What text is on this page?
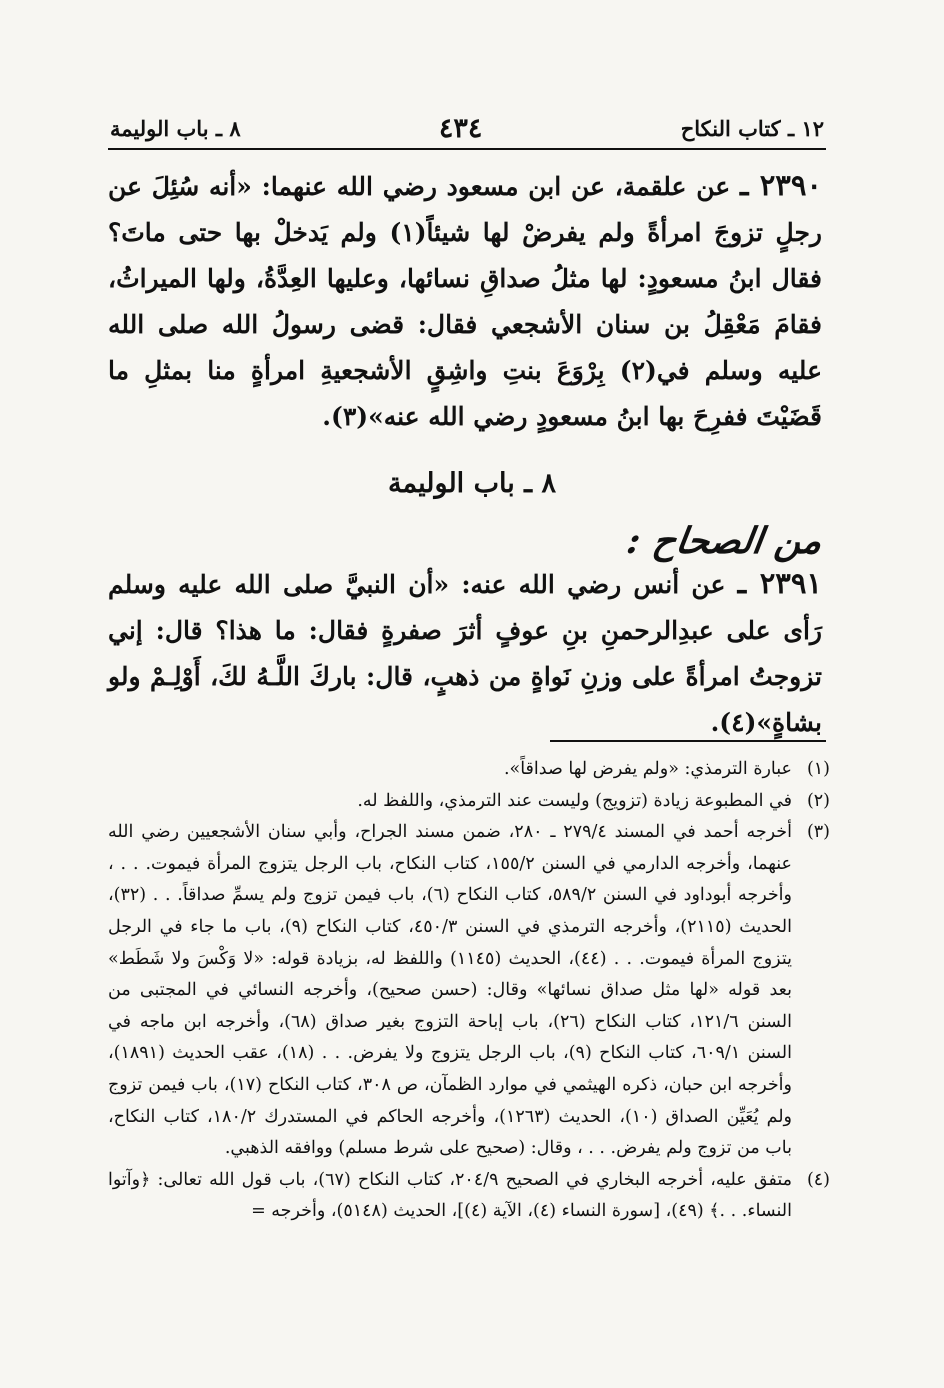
١٢ ـ كتاب النكاح
٤٣٤
٨ ـ باب الوليمة
٢٣٩٠ ـ عن علقمة، عن ابن مسعود رضي الله عنهما: «أنه سُئِلَ عن رجلٍ تزوجَ امرأةً ولم يفرضْ لها شيئاً(١) ولم يَدخلْ بها حتى ماتَ؟ فقال ابنُ مسعودٍ: لها مثلُ صداقِ نسائها، وعليها العِدَّةُ، ولها الميراثُ، فقامَ مَعْقِلُ بن سنان الأشجعي فقال: قضى رسولُ الله صلى الله عليه وسلم في(٢) بِرْوَعَ بنتِ واشِقٍ الأشجعيةِ امرأةٍ منا بمثلِ ما قَضَيْتَ ففرِحَ بها ابنُ مسعودٍ رضي الله عنه»(٣).
٨ ـ باب الوليمة
من الصحاح :
٢٣٩١ ـ عن أنس رضي الله عنه: «أن النبيَّ صلى الله عليه وسلم رَأى على عبدِالرحمنِ بنِ عوفٍ أثرَ صفرةٍ فقال: ما هذا؟ قال: إني تزوجتُ امرأةً على وزنِ نَواةٍ من ذهبٍ، قال: باركَ اللَّـهُ لكَ، أَوْلِـمْ ولو بشاةٍ»(٤).

(١)
عبارة الترمذي: «ولم يفرض لها صداقاً».

(٢)
في المطبوعة زيادة (تزويج) وليست عند الترمذي، واللفظ له.

(٣)
أخرجه أحمد في المسند ٢٧٩/٤ ـ ٢٨٠، ضمن مسند الجراح، وأبي سنان الأشجعيين رضي الله عنهما، وأخرجه الدارمي في السنن ١٥٥/٢، كتاب النكاح، باب الرجل يتزوج المرأة فيموت. . . ، وأخرجه أبوداود في السنن ٥٨٩/٢، كتاب النكاح (٦)، باب فيمن تزوج ولم يسمِّ صداقاً. . . (٣٢)، الحديث (٢١١٥)، وأخرجه الترمذي في السنن ٤٥٠/٣، كتاب النكاح (٩)، باب ما جاء في الرجل يتزوج المرأة فيموت. . . (٤٤)، الحديث (١١٤٥) واللفظ له، بزيادة قوله: «لا وَكْسَ ولا شَطَط» بعد قوله «لها مثل صداق نسائها» وقال: (حسن صحيح)، وأخرجه النسائي في المجتبى من السنن ١٢١/٦، كتاب النكاح (٢٦)، باب إباحة التزوج بغير صداق (٦٨)، وأخرجه ابن ماجه في السنن ٦٠٩/١، كتاب النكاح (٩)، باب الرجل يتزوج ولا يفرض. . . (١٨)، عقب الحديث (١٨٩١)، وأخرجه ابن حبان، ذكره الهيثمي في موارد الظمآن، ص ٣٠٨، كتاب النكاح (١٧)، باب فيمن تزوج ولم يُعَيِّن الصداق (١٠)، الحديث (١٢٦٣)، وأخرجه الحاكم في المستدرك ١٨٠/٢، كتاب النكاح، باب من تزوج ولم يفرض. . . ، وقال: (صحيح على شرط مسلم) ووافقه الذهبي.

(٤)
متفق عليه، أخرجه البخاري في الصحيح ٢٠٤/٩، كتاب النكاح (٦٧)، باب قول الله تعالى: ﴿وآتوا النساء. . .﴾ (٤٩)، [سورة النساء (٤)، الآية (٤)]، الحديث (٥١٤٨)، وأخرجه =
